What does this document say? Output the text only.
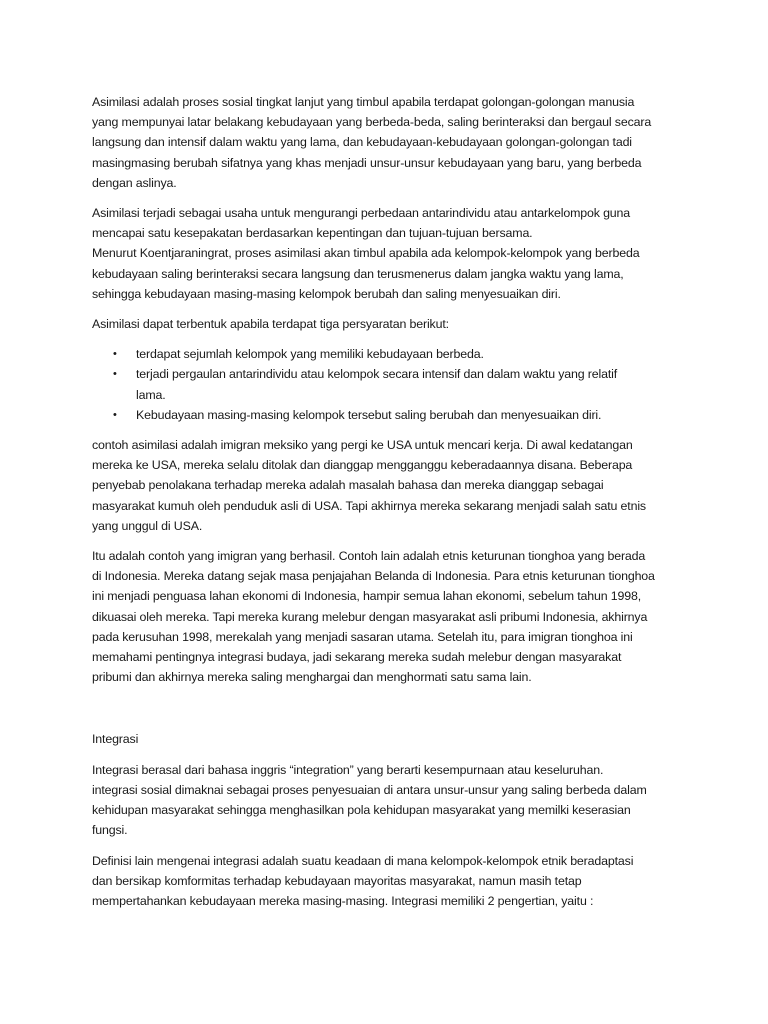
Asimilasi adalah proses sosial tingkat lanjut yang timbul apabila terdapat golongan-golongan manusia
yang mempunyai latar belakang kebudayaan yang berbeda-beda, saling berinteraksi dan bergaul secara
langsung dan intensif dalam waktu yang lama, dan kebudayaan-kebudayaan golongan-golongan tadi
masingmasing berubah sifatnya yang khas menjadi unsur-unsur kebudayaan yang baru, yang berbeda
dengan aslinya.

Asimilasi terjadi sebagai usaha untuk mengurangi perbedaan antarindividu atau antarkelompok guna
mencapai satu kesepakatan berdasarkan kepentingan dan tujuan-tujuan bersama.
Menurut Koentjaraningrat, proses asimilasi akan timbul apabila ada kelompok-kelompok yang berbeda
kebudayaan saling berinteraksi secara langsung dan terusmenerus dalam jangka waktu yang lama,
sehingga kebudayaan masing-masing kelompok berubah dan saling menyesuaikan diri.

Asimilasi dapat terbentuk apabila terdapat tiga persyaratan berikut:

• terdapat sejumlah kelompok yang memiliki kebudayaan berbeda.
• terjadi pergaulan antarindividu atau kelompok secara intensif dan dalam waktu yang relatif
lama.
• Kebudayaan masing-masing kelompok tersebut saling berubah dan menyesuaikan diri.

contoh asimilasi adalah imigran meksiko yang pergi ke USA untuk mencari kerja. Di awal kedatangan
mereka ke USA, mereka selalu ditolak dan dianggap mengganggu keberadaannya disana. Beberapa
penyebab penolakana terhadap mereka adalah masalah bahasa dan mereka dianggap sebagai
masyarakat kumuh oleh penduduk asli di USA. Tapi akhirnya mereka sekarang menjadi salah satu etnis
yang unggul di USA.

Itu adalah contoh yang imigran yang berhasil. Contoh lain adalah etnis keturunan tionghoa yang berada
di Indonesia. Mereka datang sejak masa penjajahan Belanda di Indonesia. Para etnis keturunan tionghoa
ini menjadi penguasa lahan ekonomi di Indonesia, hampir semua lahan ekonomi, sebelum tahun 1998,
dikuasai oleh mereka. Tapi mereka kurang melebur dengan masyarakat asli pribumi Indonesia, akhirnya
pada kerusuhan 1998, merekalah yang menjadi sasaran utama. Setelah itu, para imigran tionghoa ini
memahami pentingnya integrasi budaya, jadi sekarang mereka sudah melebur dengan masyarakat
pribumi dan akhirnya mereka saling menghargai dan menghormati satu sama lain.

Integrasi

Integrasi berasal dari bahasa inggris “integration” yang berarti kesempurnaan atau keseluruhan.
integrasi sosial dimaknai sebagai proses penyesuaian di antara unsur-unsur yang saling berbeda dalam
kehidupan masyarakat sehingga menghasilkan pola kehidupan masyarakat yang memilki keserasian
fungsi.

Definisi lain mengenai integrasi adalah suatu keadaan di mana kelompok-kelompok etnik beradaptasi
dan bersikap komformitas terhadap kebudayaan mayoritas masyarakat, namun masih tetap
mempertahankan kebudayaan mereka masing-masing. Integrasi memiliki 2 pengertian, yaitu :
